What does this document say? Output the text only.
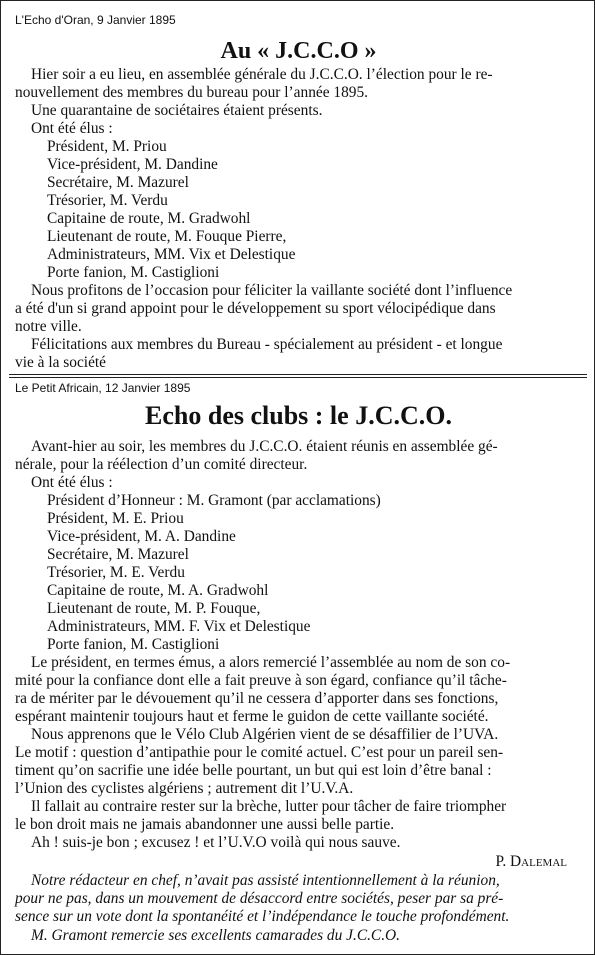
L'Echo d'Oran, 9 Janvier 1895
Au « J.C.C.O »
Hier soir a eu lieu, en assemblée générale du J.C.C.O. l’élection pour le re-
nouvellement des membres du bureau pour l’année 1895.
Une quarantaine de sociétaires étaient présents.
Ont été élus :
Président, M. Priou
Vice-président, M. Dandine
Secrétaire, M. Mazurel
Trésorier, M. Verdu
Capitaine de route, M. Gradwohl
Lieutenant de route, M. Fouque Pierre,
Administrateurs, MM. Vix et Delestique
Porte fanion, M. Castiglioni
Nous profitons de l’occasion pour féliciter la vaillante société dont l’influence
a été d'un si grand appoint pour le développement su sport vélocipédique dans
notre ville.
Félicitations aux membres du Bureau - spécialement au président - et longue
vie à la société
Le Petit Africain, 12 Janvier 1895
Echo des clubs : le J.C.C.O.
Avant-hier au soir, les membres du J.C.C.O. étaient réunis en assemblée gé-
nérale, pour la réélection d’un comité directeur.
Ont été élus :
Président d’Honneur : M. Gramont (par acclamations)
Président, M. E. Priou
Vice-président, M. A. Dandine
Secrétaire, M. Mazurel
Trésorier, M. E. Verdu
Capitaine de route, M. A. Gradwohl
Lieutenant de route, M. P. Fouque,
Administrateurs, MM. F. Vix et Delestique
Porte fanion, M. Castiglioni
Le président, en termes émus, a alors remercié l’assemblée au nom de son co-
mité pour la confiance dont elle a fait preuve à son égard, confiance qu’il tâche-
ra de mériter par le dévouement qu’il ne cessera d’apporter dans ses fonctions,
espérant maintenir toujours haut et ferme le guidon de cette vaillante société.
Nous apprenons que le Vélo Club Algérien vient de se désaffilier de l’UVA.
Le motif : question d’antipathie pour le comité actuel. C’est pour un pareil sen-
timent qu’on sacrifie une idée belle pourtant, un but qui est loin d’être banal :
l’Union des cyclistes algériens ; autrement dit l’U.V.A.
Il fallait au contraire rester sur la brèche, lutter pour tâcher de faire triompher
le bon droit mais ne jamais abandonner une aussi belle partie.
Ah ! suis-je bon ; excusez ! et l’U.V.O voilà qui nous sauve.
P. Dalemal
Notre rédacteur en chef, n’avait pas assisté intentionnellement à la réunion,
pour ne pas, dans un mouvement de désaccord entre sociétés, peser par sa pré-
sence sur un vote dont la spontanéité et l’indépendance le touche profondément.
M. Gramont remercie ses excellents camarades du J.C.C.O.
